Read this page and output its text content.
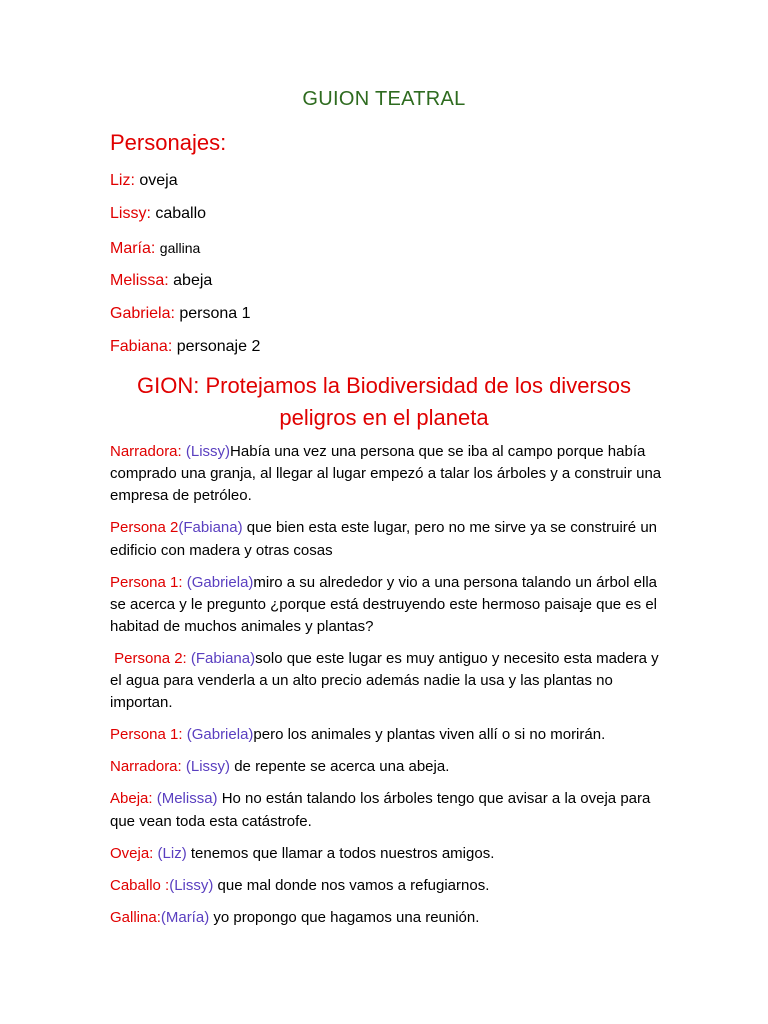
GUION TEATRAL
Personajes:
Liz: oveja
Lissy: caballo
María: gallina
Melissa: abeja
Gabriela: persona 1
Fabiana: personaje 2
GION: Protejamos la Biodiversidad de los diversos peligros en el planeta

Narradora: (Lissy)Había una vez una persona que se iba al campo porque había comprado una granja, al llegar al lugar empezó a talar los árboles y a construir una empresa de petróleo.

Persona 2(Fabiana) que bien esta este lugar, pero no me sirve ya se construiré un edificio con madera y otras cosas

Persona 1: (Gabriela)miro a su alrededor y vio a una persona talando un árbol ella se acerca y le pregunto ¿porque está destruyendo este hermoso paisaje que es el habitad de muchos animales y plantas?

Persona 2: (Fabiana)solo que este lugar es muy antiguo y necesito esta madera y el agua para venderla a un alto precio además nadie la usa y las plantas no importan.

Persona 1: (Gabriela)pero los animales y plantas viven allí o si no morirán.

Narradora: (Lissy) de repente se acerca una abeja.

Abeja: (Melissa) Ho no están talando los árboles tengo que avisar a la oveja para que vean toda esta catástrofe.

Oveja: (Liz) tenemos que llamar a todos nuestros amigos.

Caballo :(Lissy) que mal donde nos vamos a refugiarnos.

Gallina:(María) yo propongo que hagamos una reunión.
